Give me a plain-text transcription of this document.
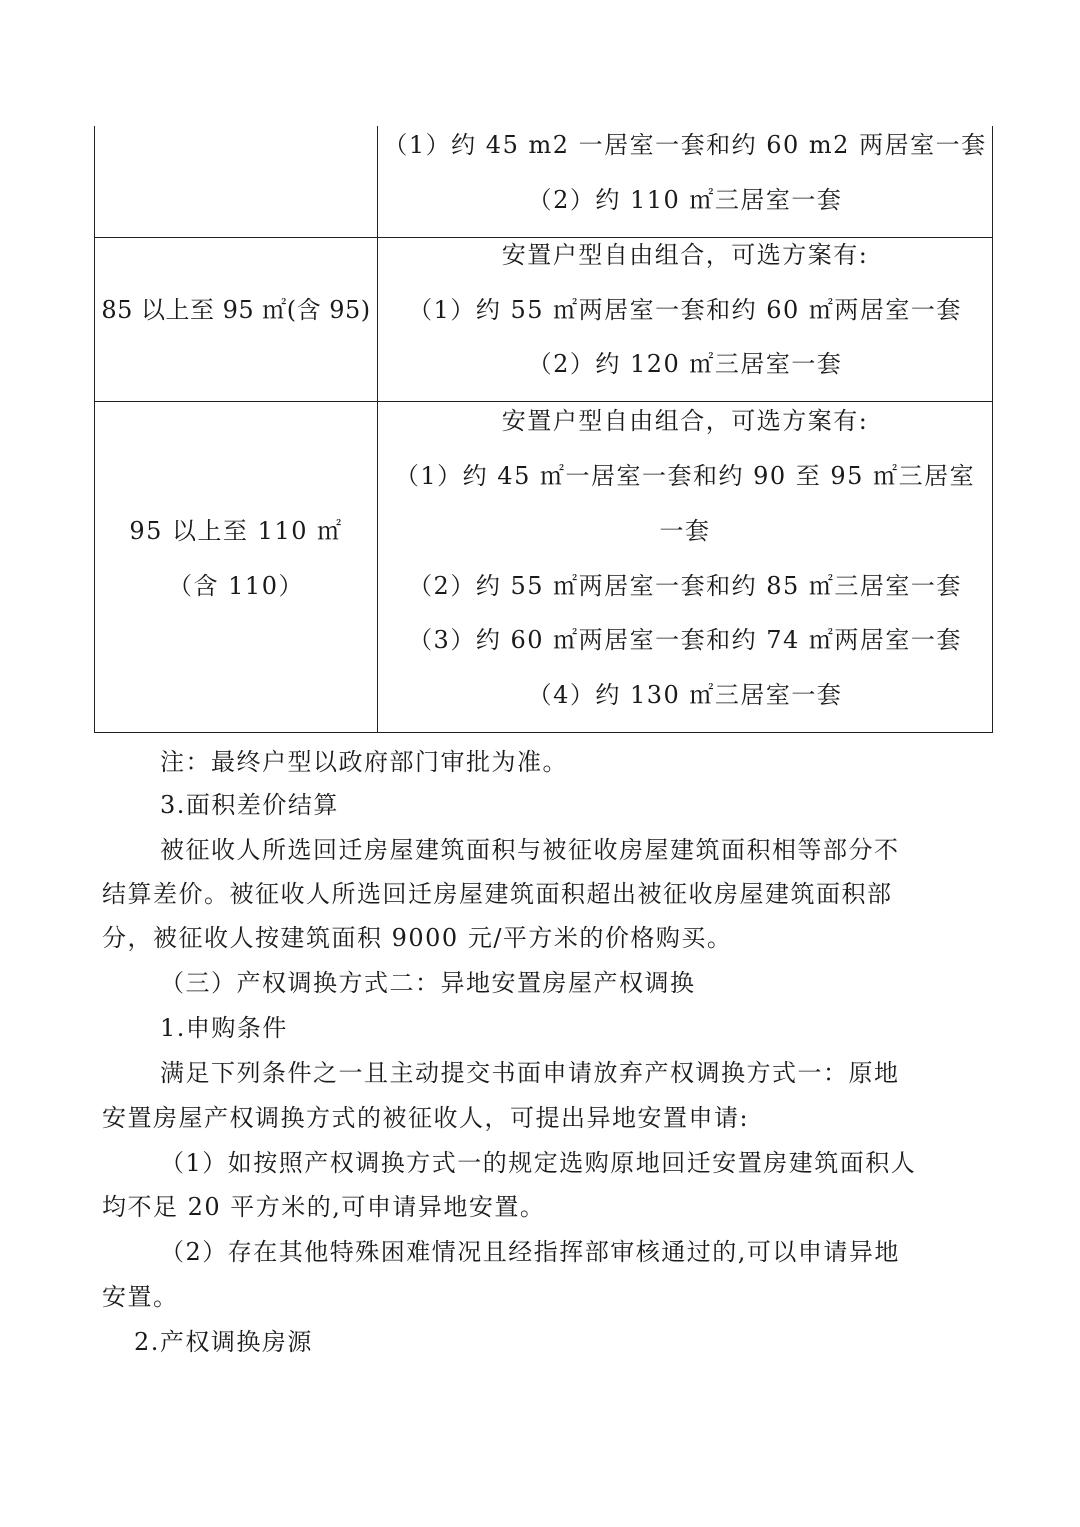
（1）约 45 m2 一居室一套和约 60 m2 两居室一套
（2）约 110 ㎡三居室一套
85 以上至 95 ㎡(含 95)
安置户型自由组合，可选方案有:
（1）约 55 ㎡两居室一套和约 60 ㎡两居室一套
（2）约 120 ㎡三居室一套
95 以上至 110 ㎡
（含 110）
安置户型自由组合，可选方案有:
（1）约 45 ㎡一居室一套和约 90 至 95 ㎡三居室
一套
（2）约 55 ㎡两居室一套和约 85 ㎡三居室一套
（3）约 60 ㎡两居室一套和约 74 ㎡两居室一套
（4）约 130 ㎡三居室一套
注：最终户型以政府部门审批为准。
3.面积差价结算
被征收人所选回迁房屋建筑面积与被征收房屋建筑面积相等部分不
结算差价。被征收人所选回迁房屋建筑面积超出被征收房屋建筑面积部
分，被征收人按建筑面积 9000 元/平方米的价格购买。
（三）产权调换方式二：异地安置房屋产权调换
1.申购条件
满足下列条件之一且主动提交书面申请放弃产权调换方式一：原地
安置房屋产权调换方式的被征收人，可提出异地安置申请:
（1）如按照产权调换方式一的规定选购原地回迁安置房建筑面积人
均不足 20 平方米的,可申请异地安置。
（2）存在其他特殊困难情况且经指挥部审核通过的,可以申请异地
安置。
2.产权调换房源
